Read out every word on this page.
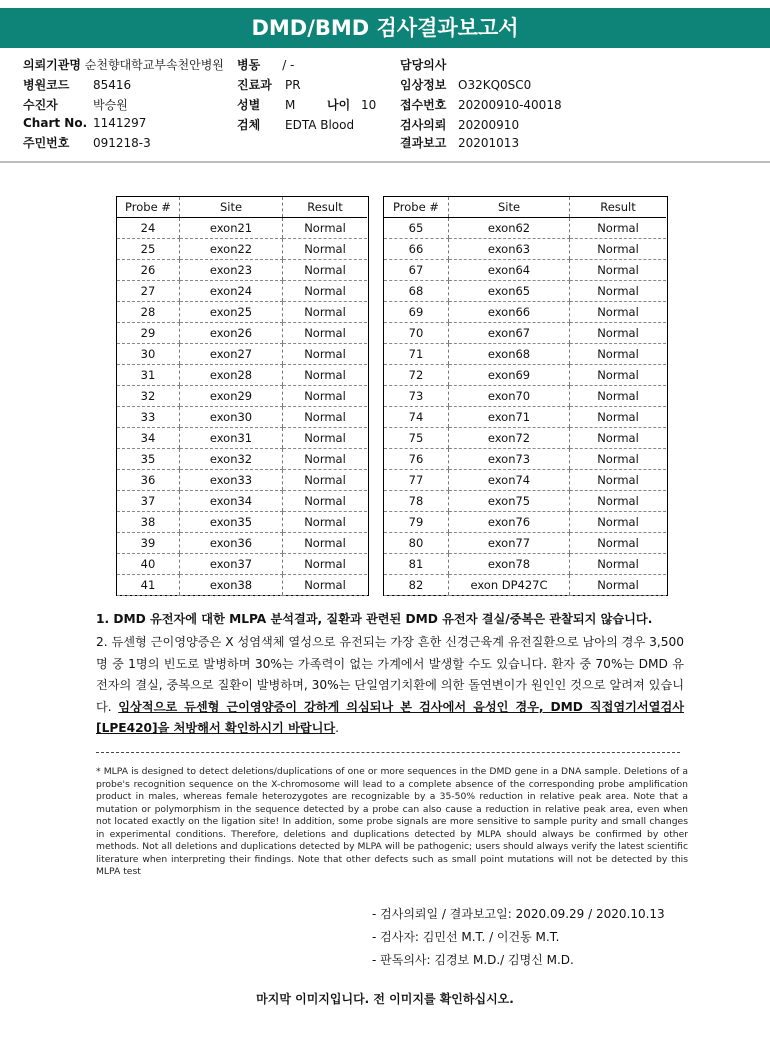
DMD/BMD 검사결과보고서
의뢰기관명 순천향대학교부속천안병원 병동 / -	담당의사
병원코드 85416	진료과 PR	임상정보 O32KQ0SC0
수진자	박승원	성별 M	나이 10 접수번호 20200910-40018
Chart No. 1141297	검체 EDTA Blood	검사의뢰 20200910
주민번호 091218-3	결과보고 20201013
Probe #	Site	Result
24	exon21	Normal
25	exon22	Normal
26	exon23	Normal
27	exon24	Normal
28	exon25	Normal
29	exon26	Normal
30	exon27	Normal
31	exon28	Normal
32	exon29	Normal
33	exon30	Normal
34	exon31	Normal
35	exon32	Normal
36	exon33	Normal
37	exon34	Normal
38	exon35	Normal
39	exon36	Normal
40	exon37	Normal
41	exon38	Normal
Probe #	Site	Result
65	exon62	Normal
66	exon63	Normal
67	exon64	Normal
68	exon65	Normal
69	exon66	Normal
70	exon67	Normal
71	exon68	Normal
72	exon69	Normal
73	exon70	Normal
74	exon71	Normal
75	exon72	Normal
76	exon73	Normal
77	exon74	Normal
78	exon75	Normal
79	exon76	Normal
80	exon77	Normal
81	exon78	Normal
82	exon DP427C	Normal
1. DMD 유전자에 대한 MLPA 분석결과, 질환과 관련된 DMD 유전자 결실/중복은 관찰되지 않습니다.
2. 듀센형 근이영양증은 X 성염색체 열성으로 유전되는 가장 흔한 신경근육계 유전질환으로 남아의 경우 3,500명 중 1명의 빈도로 발병하며 30%는 가족력이 없는 가계에서 발생할 수도 있습니다. 환자 중 70%는 DMD 유전자의 결실, 중복으로 질환이 발병하며, 30%는 단일염기치환에 의한 돌연변이가 원인인 것으로 알려져 있습니다. 임상적으로 듀센형 근이영양증이 강하게 의심되나 본 검사에서 음성인 경우, DMD 직접염기서열검사 [LPE420]을 처방해서 확인하시기 바랍니다.
* MLPA is designed to detect deletions/duplications of one or more sequences in the DMD gene in a DNA sample. Deletions of a probe's recognition sequence on the X-chromosome will lead to a complete absence of the corresponding probe amplification product in males, whereas female heterozygotes are recognizable by a 35-50% reduction in relative peak area. Note that a mutation or polymorphism in the sequence detected by a probe can also cause a reduction in relative peak area, even when not located exactly on the ligation site! In addition, some probe signals are more sensitive to sample purity and small changes in experimental conditions. Therefore, deletions and duplications detected by MLPA should always be confirmed by other methods. Not all deletions and duplications detected by MLPA will be pathogenic; users should always verify the latest scientific literature when interpreting their findings. Note that other defects such as small point mutations will not be detected by this MLPA test
- 검사의뢰일 / 결과보고일: 2020.09.29 / 2020.10.13
- 검사자: 김민선 M.T. / 이건동 M.T.
- 판독의사: 김경보 M.D./ 김명신 M.D.
마지막 이미지입니다. 전 이미지를 확인하십시오.
